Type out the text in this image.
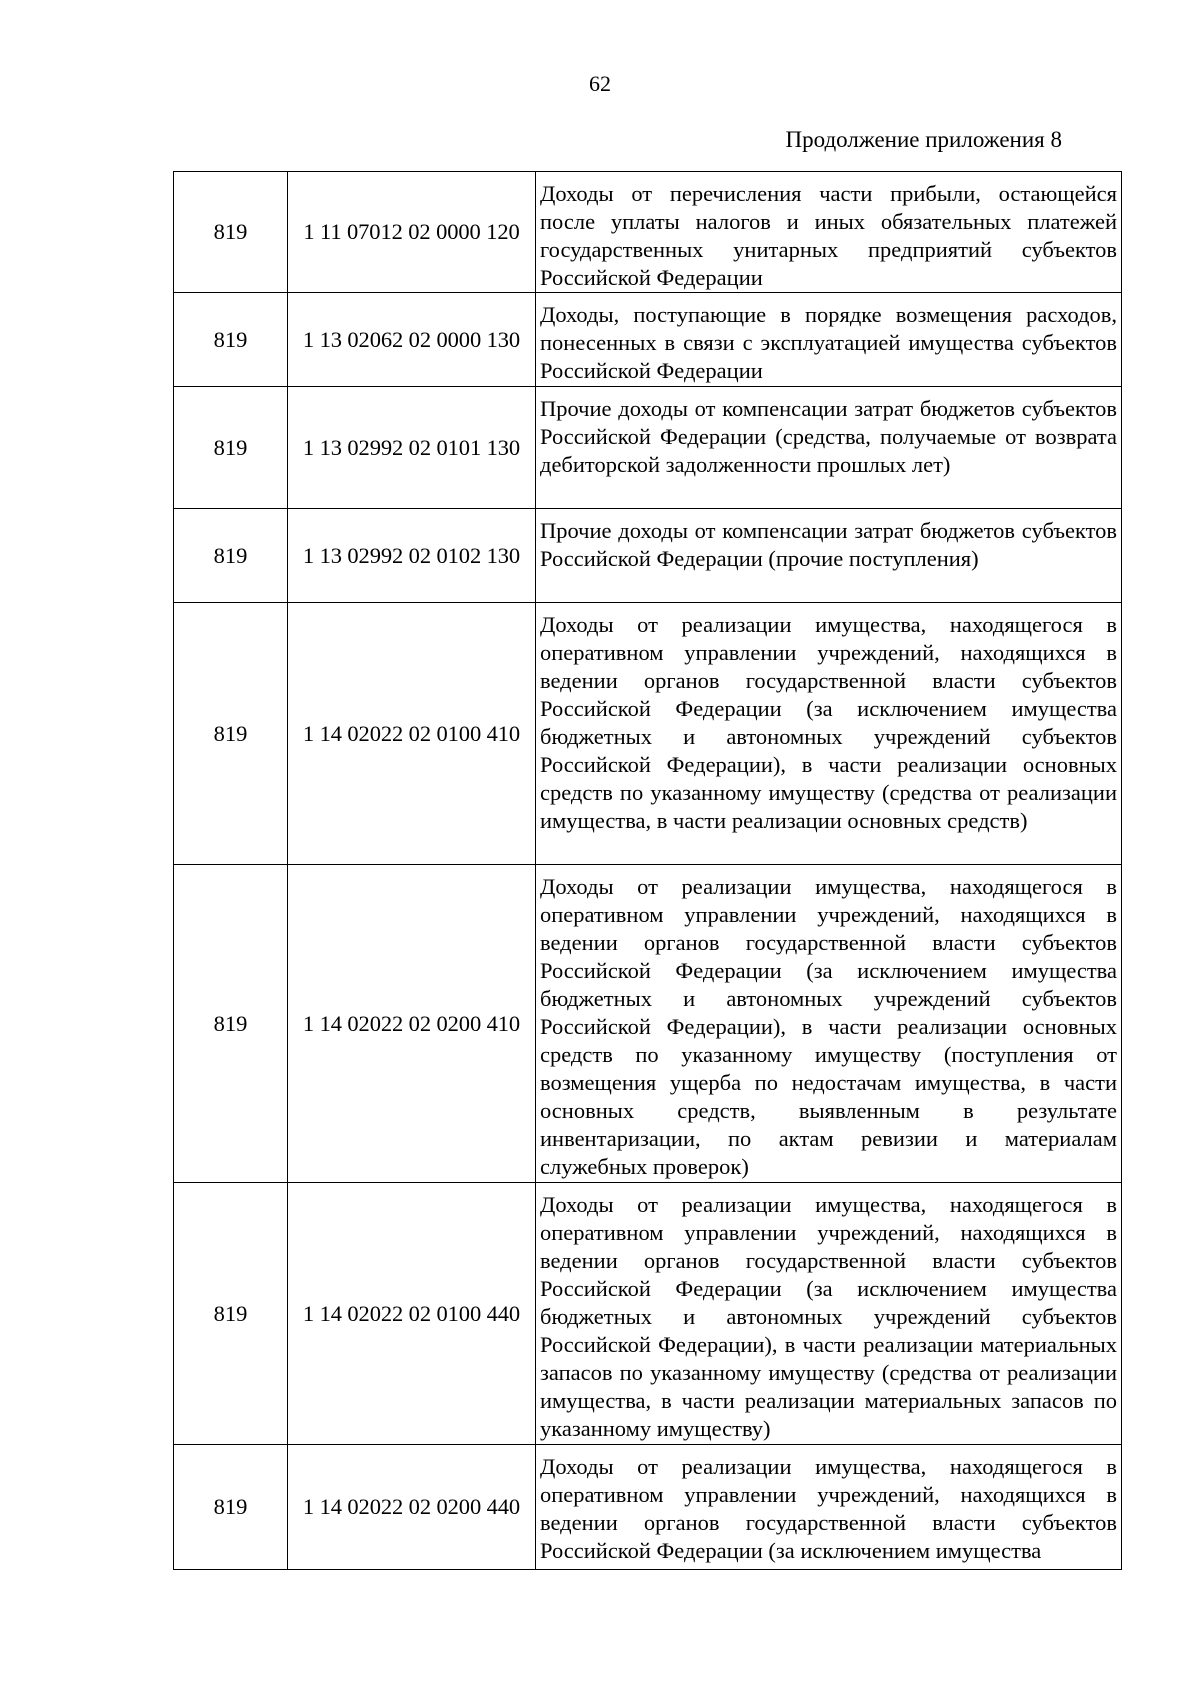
62
Продолжение приложения 8
819	1 11 07012 02 0000 120	Доходы от перечисления части прибыли, остающейся после уплаты налогов и иных обязательных платежей государственных унитарных предприятий субъектов Российской Федерации
819	1 13 02062 02 0000 130	Доходы, поступающие в порядке возмещения расходов, понесенных в связи с эксплуатацией имущества субъектов Российской Федерации
819	1 13 02992 02 0101 130	Прочие доходы от компенсации затрат бюджетов субъектов Российской Федерации (средства, получаемые от возврата дебиторской задолженности прошлых лет)
819	1 13 02992 02 0102 130	Прочие доходы от компенсации затрат бюджетов субъектов Российской Федерации (прочие поступления)
819	1 14 02022 02 0100 410	Доходы от реализации имущества, находящегося в оперативном управлении учреждений, находящихся в ведении органов государственной власти субъектов Российской Федерации (за исключением имущества бюджетных и автономных учреждений субъектов Российской Федерации), в части реализации основных средств по указанному имуществу (средства от реализации имущества, в части реализации основных средств)
819	1 14 02022 02 0200 410	Доходы от реализации имущества, находящегося в оперативном управлении учреждений, находящихся в ведении органов государственной власти субъектов Российской Федерации (за исключением имущества бюджетных и автономных учреждений субъектов Российской Федерации), в части реализации основных средств по указанному имуществу (поступления от возмещения ущерба по недостачам имущества, в части основных средств, выявленным в результате инвентаризации, по актам ревизии и материалам служебных проверок)
819	1 14 02022 02 0100 440	Доходы от реализации имущества, находящегося в оперативном управлении учреждений, находящихся в ведении органов государственной власти субъектов Российской Федерации (за исключением имущества бюджетных и автономных учреждений субъектов Российской Федерации), в части реализации материальных запасов по указанному имуществу (средства от реализации имущества, в части реализации материальных запасов по указанному имуществу)
819	1 14 02022 02 0200 440	Доходы от реализации имущества, находящегося в оперативном управлении учреждений, находящихся в ведении органов государственной власти субъектов Российской Федерации (за исключением имущества
